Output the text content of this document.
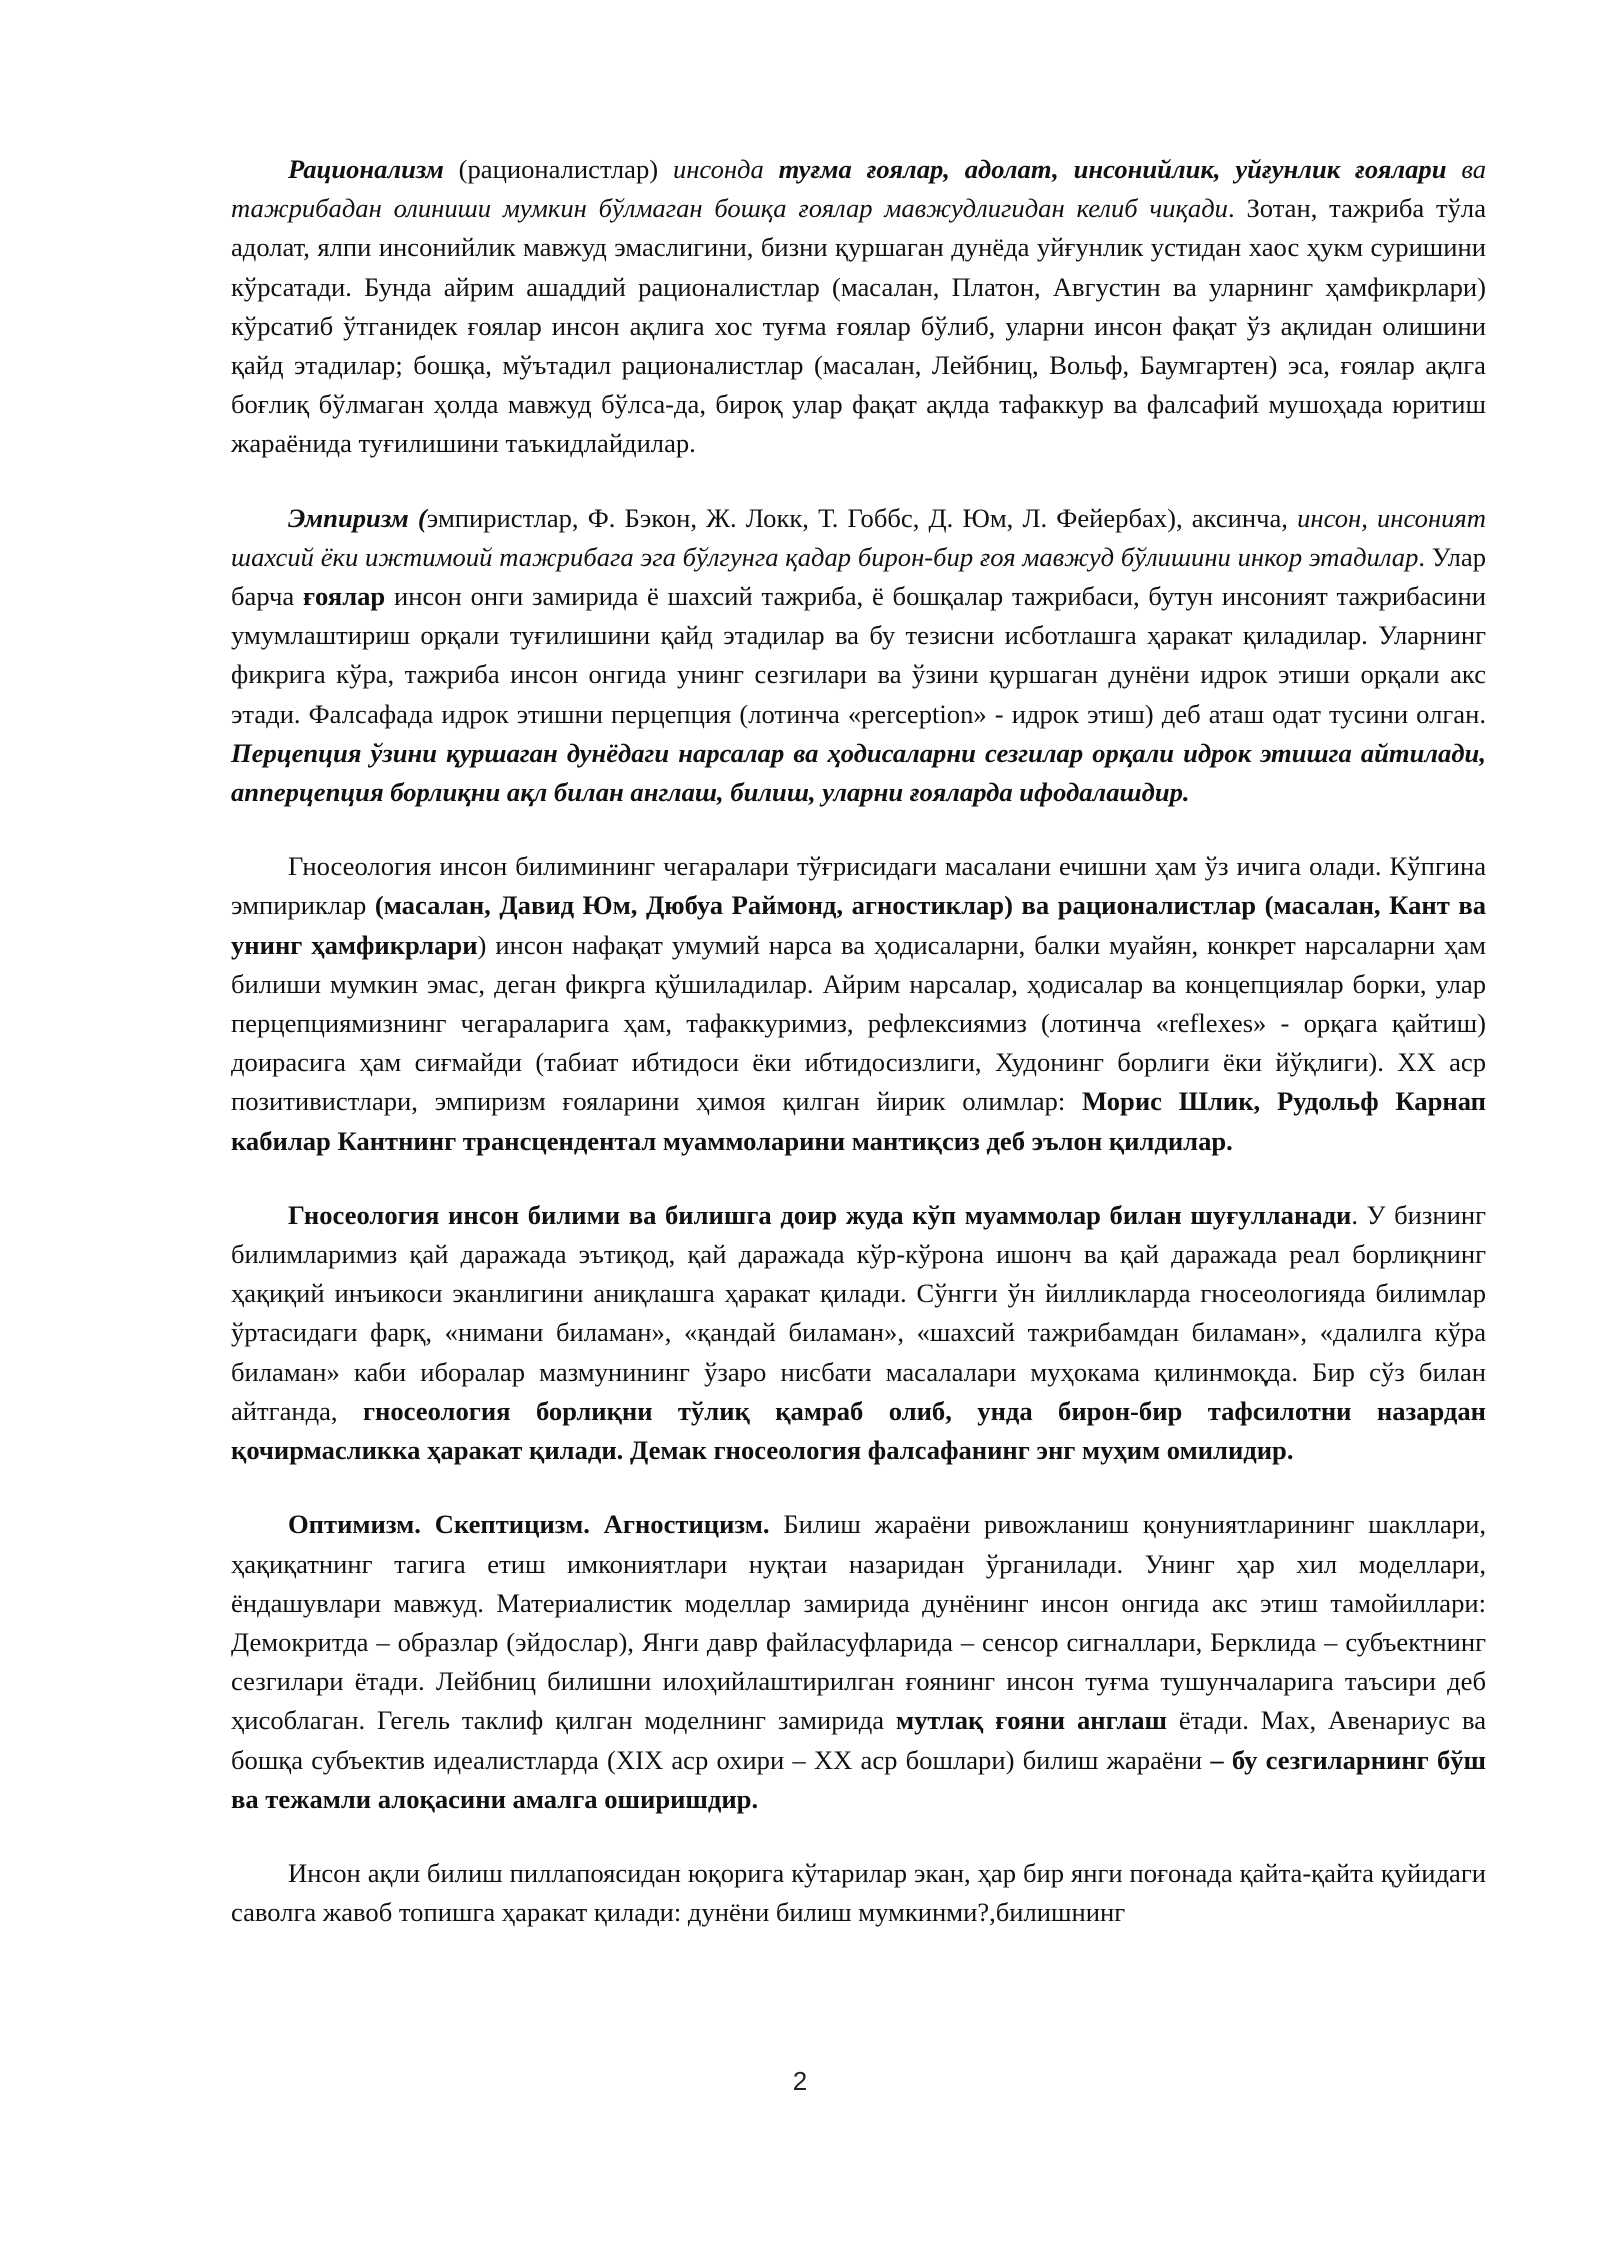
Рационализм (рационалистлар) инсонда туғма ғоялар, адолат, инсонийлик, уйғунлик ғоялари ва тажрибадан олиниши мумкин бўлмаган бошқа ғоялар мавжудлигидан келиб чиқади. Зотан, тажриба тўла адолат, ялпи инсонийлик мавжуд эмаслигини, бизни қуршаган дунёда уйғунлик устидан хаос ҳукм суришини кўрсатади. Бунда айрим ашаддий рационалистлар (масалан, Платон, Августин ва уларнинг ҳамфикрлари) кўрсатиб ўтганидек ғоялар инсон ақлига хос туғма ғоялар бўлиб, уларни инсон фақат ўз ақлидан олишини қайд этадилар; бошқа, мўътадил рационалистлар (масалан, Лейбниц, Вольф, Баумгартен) эса, ғоялар ақлга боғлиқ бўлмаган ҳолда мавжуд бўлса-да, бироқ улар фақат ақлда тафаккур ва фалсафий мушоҳада юритиш жараёнида туғилишини таъкидлайдилар.

Эмпиризм (эмпиристлар, Ф. Бэкон, Ж. Локк, Т. Гоббс, Д. Юм, Л. Фейербах), аксинча, инсон, инсоният шахсий ёки ижтимоий тажрибага эга бўлгунга қадар бирон-бир ғоя мавжуд бўлишини инкор этадилар. Улар барча ғоялар инсон онги замирида ё шахсий тажриба, ё бошқалар тажрибаси, бутун инсоният тажрибасини умумлаштириш орқали туғилишини қайд этадилар ва бу тезисни исботлашга ҳаракат қиладилар. Уларнинг фикрига кўра, тажриба инсон онгида унинг сезгилари ва ўзини қуршаган дунёни идрок этиши орқали акс этади. Фалсафада идрок этишни перцепция (лотинча «perception» - идрок этиш) деб аташ одат тусини олган. Перцепция ўзини қуршаган дунёдаги нарсалар ва ҳодисаларни сезгилар орқали идрок этишга айтилади, апперцепция борлиқни ақл билан англаш, билиш, уларни ғояларда ифодалашдир.

Гносеология инсон билимининг чегаралари тўғрисидаги масалани ечишни ҳам ўз ичига олади. Кўпгина эмпириклар (масалан, Давид Юм, Дюбуа Раймонд, агностиклар) ва рационалистлар (масалан, Кант ва унинг ҳамфикрлари) инсон нафақат умумий нарса ва ҳодисаларни, балки муайян, конкрет нарсаларни ҳам билиши мумкин эмас, деган фикрга қўшиладилар. Айрим нарсалар, ҳодисалар ва концепциялар борки, улар перцепциямизнинг чегараларига ҳам, тафаккуримиз, рефлексиямиз (лотинча «reflexes» - орқага қайтиш) доирасига ҳам сиғмайди (табиат ибтидоси ёки ибтидосизлиги, Худонинг борлиги ёки йўқлиги). XX аср позитивистлари, эмпиризм ғояларини ҳимоя қилган йирик олимлар: Морис Шлик, Рудольф Карнап кабилар Кантнинг трансцендентал муаммоларини мантиқсиз деб эълон қилдилар.

Гносеология инсон билими ва билишга доир жуда кўп муаммолар билан шуғулланади. У бизнинг билимларимиз қай даражада эътиқод, қай даражада кўр-кўрона ишонч ва қай даражада реал борлиқнинг ҳақиқий инъикоси эканлигини аниқлашга ҳаракат қилади. Сўнгги ўн йилликларда гносеологияда билимлар ўртасидаги фарқ, «нимани биламан», «қандай биламан», «шахсий тажрибамдан биламан», «далилга кўра биламан» каби иборалар мазмунининг ўзаро нисбати масалалари муҳокама қилинмоқда. Бир сўз билан айтганда, гносеология борлиқни тўлиқ қамраб олиб, унда бирон-бир тафсилотни назардан қочирмасликка ҳаракат қилади. Демак гносеология фалсафанинг энг муҳим омилидир.

Оптимизм. Скептицизм. Агностицизм. Билиш жараёни ривожланиш қонуниятларининг шакллари, ҳақиқатнинг тагига етиш имкониятлари нуқтаи назаридан ўрганилади. Унинг ҳар хил моделлари, ёндашувлари мавжуд. Материалистик моделлар замирида дунёнинг инсон онгида акс этиш тамойиллари: Демокритда – образлар (эйдослар), Янги давр файласуфларида – сенсор сигналлари, Берклида – субъектнинг сезгилари ётади. Лейбниц билишни илоҳийлаштирилган ғоянинг инсон туғма тушунчаларига таъсири деб ҳисоблаган. Гегель таклиф қилган моделнинг замирида мутлақ ғояни англаш ётади. Мах, Авенариус ва бошқа субъектив идеалистларда (XIX аср охири – XX аср бошлари) билиш жараёни – бу сезгиларнинг бўш ва тежамли алоқасини амалга оширишдир.

Инсон ақли билиш пиллапоясидан юқорига кўтарилар экан, ҳар бир янги поғонада қайта-қайта қуйидаги саволга жавоб топишга ҳаракат қилади: дунёни билиш мумкинми?,билишнинг

2
